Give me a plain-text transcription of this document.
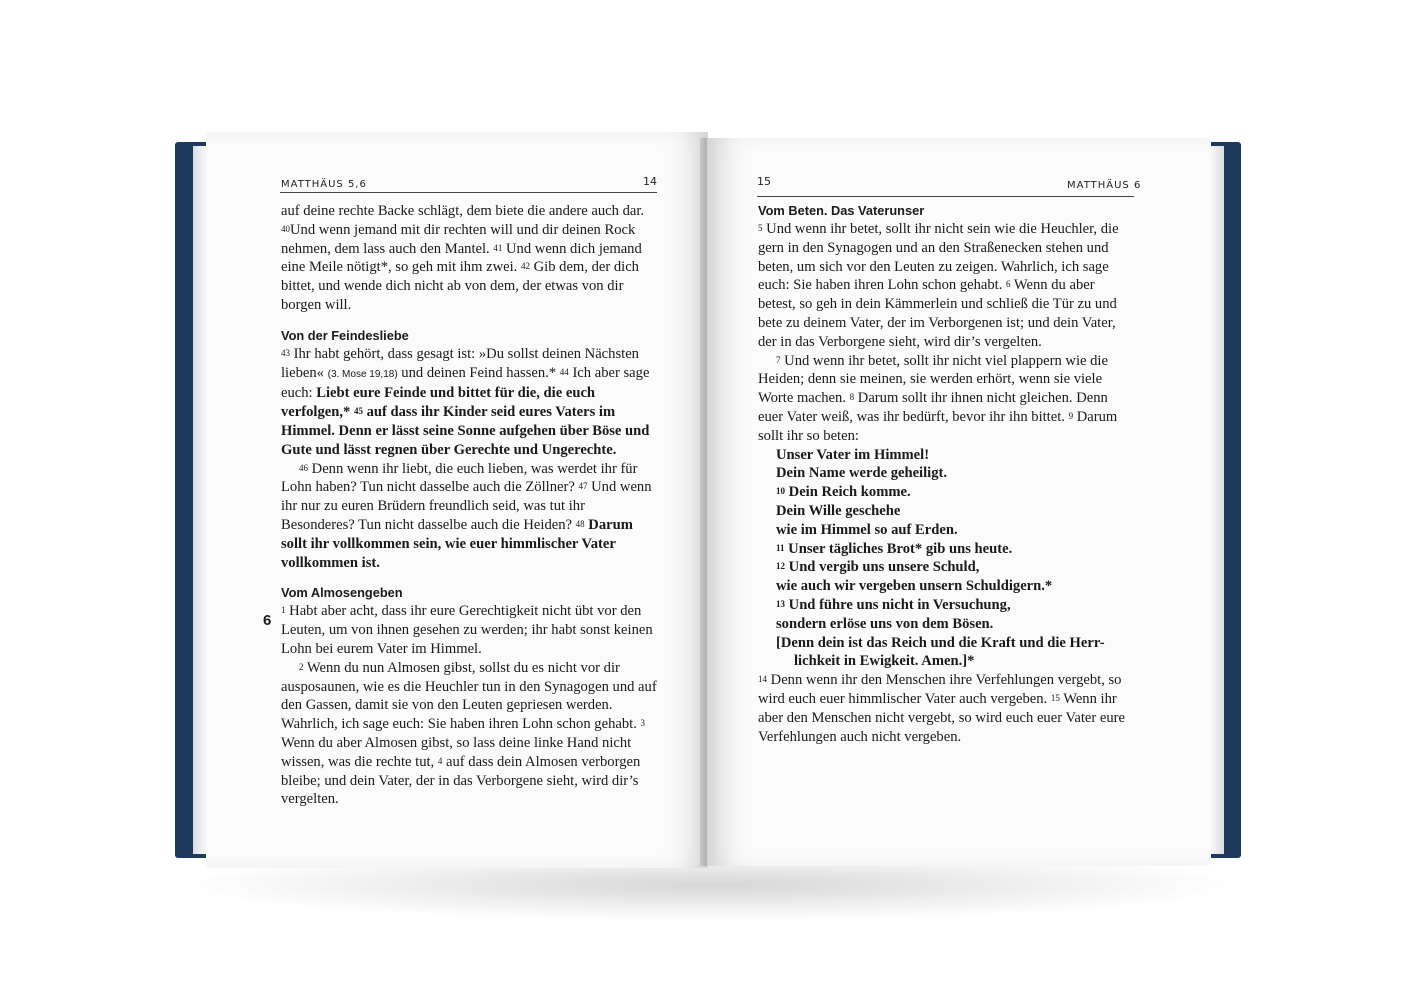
MATTHÄUS 5,6	14

auf deine rechte Backe schlägt, dem biete die andere auch dar. $^{40}$Und wenn jemand mit dir rechten will und dir deinen Rock nehmen, dem lass auch den Mantel. $^{41}$ Und wenn dich jemand eine Meile nötigt*, so geh mit ihm zwei. $^{42}$ Gib dem, der dich bittet, und wende dich nicht ab von dem, der etwas von dir borgen will.

Von der Feindesliebe

$^{43}$ Ihr habt gehört, dass gesagt ist: »Du sollst deinen Nächsten lieben« (3. Mose 19,18) und deinen Feind hassen.* $^{44}$ Ich aber sage euch: Liebt eure Feinde und bittet für die, die euch verfolgen,* $^{45}$ auf dass ihr Kinder seid eures Vaters im Himmel. Denn er lässt seine Sonne aufgehen über Böse und Gute und lässt regnen über Gerechte und Ungerechte.

$^{46}$ Denn wenn ihr liebt, die euch lieben, was werdet ihr für Lohn haben? Tun nicht dasselbe auch die Zöllner? $^{47}$ Und wenn ihr nur zu euren Brüdern freundlich seid, was tut ihr Besonderes? Tun nicht dasselbe auch die Heiden? $^{48}$ Darum sollt ihr vollkommen sein, wie euer himmlischer Vater vollkommen ist.

Vom Almosengeben

$^1$ Habt aber acht, dass ihr eure Gerechtigkeit nicht übt vor den Leuten, um von ihnen gesehen zu werden; ihr habt sonst keinen Lohn bei eurem Vater im Himmel.

$^2$ Wenn du nun Almosen gibst, sollst du es nicht vor dir ausposaunen, wie es die Heuchler tun in den Synagogen und auf den Gassen, damit sie von den Leuten gepriesen werden. Wahrlich, ich sage euch: Sie haben ihren Lohn schon gehabt. $^3$ Wenn du aber Almosen gibst, so lass deine linke Hand nicht wissen, was die rechte tut, $^4$ auf dass dein Almosen verborgen bleibe; und dein Vater, der in das Verborgene sieht, wird dir’s vergelten.

6
15	MATTHÄUS 6
Vom Beten. Das Vaterunser

$^5$ Und wenn ihr betet, sollt ihr nicht sein wie die Heuchler, die gern in den Synagogen und an den Straßenecken stehen und beten, um sich vor den Leuten zu zeigen. Wahrlich, ich sage euch: Sie haben ihren Lohn schon gehabt. $^6$ Wenn du aber betest, so geh in dein Kämmerlein und schließ die Tür zu und bete zu deinem Vater, der im Verborgenen ist; und dein Vater, der in das Verborgene sieht, wird dir’s vergelten.

$^7$ Und wenn ihr betet, sollt ihr nicht viel plappern wie die Heiden; denn sie meinen, sie werden erhört, wenn sie viele Worte machen. $^8$ Darum sollt ihr ihnen nicht gleichen. Denn euer Vater weiß, was ihr bedürft, bevor ihr ihn bittet. $^9$ Darum sollt ihr so beten:

Unser Vater im Himmel!

Dein Name werde geheiligt.

$^{10}$ Dein Reich komme.

Dein Wille geschehe

wie im Himmel so auf Erden.

$^{11}$ Unser tägliches Brot* gib uns heute.

$^{12}$ Und vergib uns unsere Schuld,

wie auch wir vergeben unsern Schuldigern.*

$^{13}$ Und führe uns nicht in Versuchung,

sondern erlöse uns von dem Bösen.

[Denn dein ist das Reich und die Kraft und die Herr-

lichkeit in Ewigkeit. Amen.]*

$^{14}$ Denn wenn ihr den Menschen ihre Verfehlungen vergebt, so wird euch euer himmlischer Vater auch vergeben. $^{15}$ Wenn ihr aber den Menschen nicht vergebt, so wird euch euer Vater eure Verfehlungen auch nicht vergeben.
